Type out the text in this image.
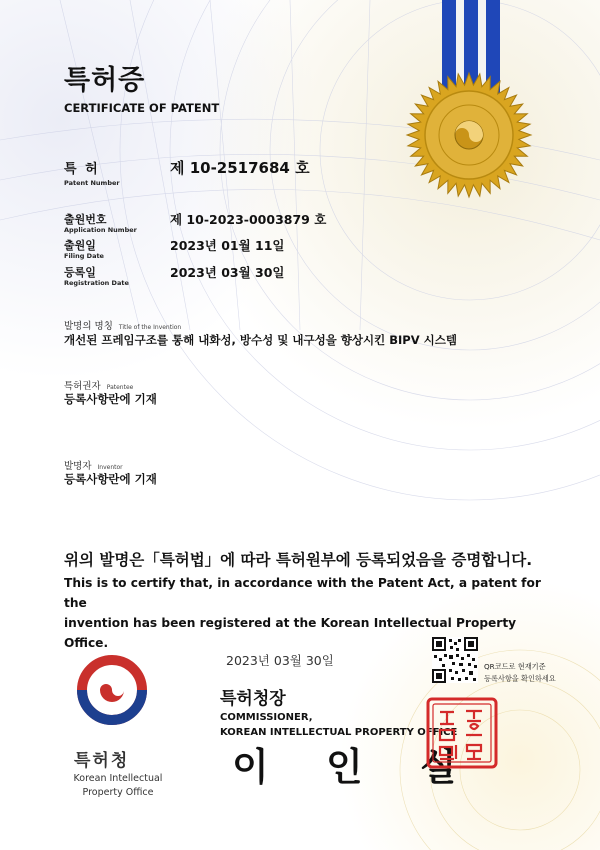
특허증
CERTIFICATE OF PATENT
특 허
Patent Number
제 10-2517684 호
출원번호
Application Number
제 10-2023-0003879 호
출원일
Filing Date
2023년 01월 11일
등록일
Registration Date
2023년 03월 30일
발명의 명칭 Title of the Invention
개선된 프레임구조를 통해 내화성, 방수성 및 내구성을 향상시킨 BIPV 시스템
특허권자 Patentee
등록사항란에 기재
발명자 Inventor
등록사항란에 기재
위의 발명은「특허법」에 따라 특허원부에 등록되었음을 증명합니다.
This is to certify that, in accordance with the Patent Act, a patent for the
invention has been registered at the Korean Intellectual Property Office.
2023년 03월 30일	QR코드로 현재기준
등록사항을 확인하세요
특허청장
COMMISSIONER,
KOREAN INTELLECTUAL PROPERTY OFFICE
이 인 실
특허청
Korean Intellectual
Property Office
